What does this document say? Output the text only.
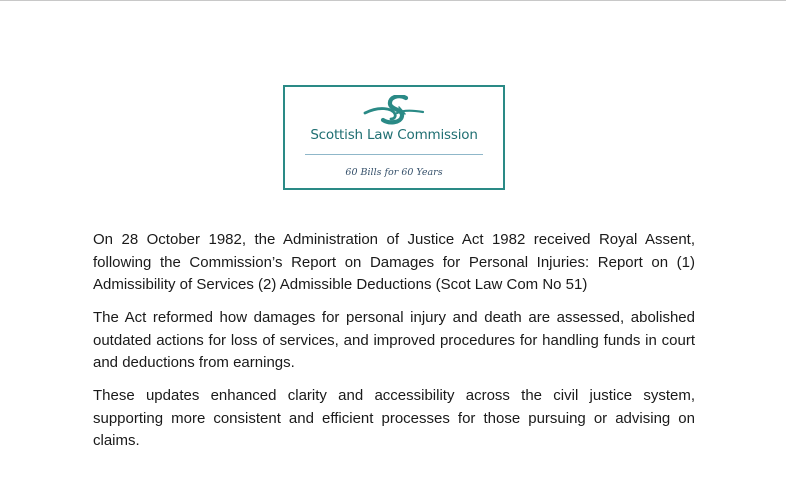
Scottish Law Commission
60 Bills for 60 Years

On 28 October 1982, the Administration of Justice Act 1982 received Royal Assent, following the Commission’s Report on Damages for Personal Injuries: Report on (1) Admissibility of Services (2) Admissible Deductions (Scot Law Com No 51)

The Act reformed how damages for personal injury and death are assessed, abolished outdated actions for loss of services, and improved procedures for handling funds in court and deductions from earnings.

These updates enhanced clarity and accessibility across the civil justice system, supporting more consistent and efficient processes for those pursuing or advising on claims.
